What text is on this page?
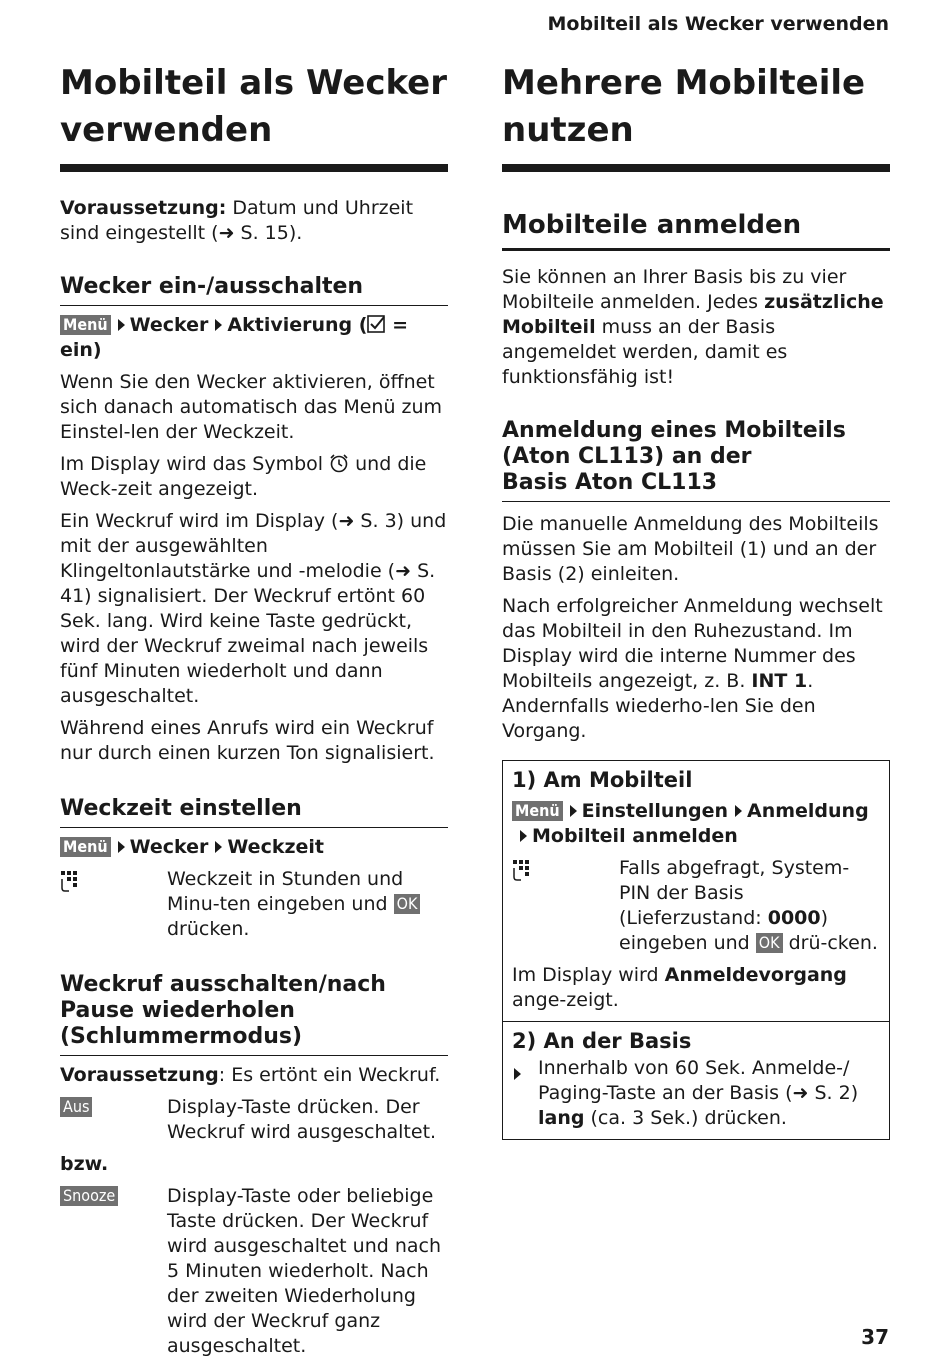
Mobilteil als Wecker verwenden
Mobilteil als Wecker
verwenden

Voraussetzung: Datum und Uhrzeit sind eingestellt (➜ S. 15).

Wecker ein-/ausschalten

Menü Wecker Aktivierung ( = ein)

Wenn Sie den Wecker aktivieren, öffnet sich danach automatisch das Menü zum Einstel-len der Weckzeit.

Im Display wird das Symbol  und die Weck-zeit angezeigt.

Ein Weckruf wird im Display (➜ S. 3) und mit der ausgewählten Klingeltonlautstärke und -melodie (➜ S. 41) signalisiert. Der Weckruf ertönt 60 Sek. lang. Wird keine Taste gedrückt, wird der Weckruf zweimal nach jeweils fünf Minuten wiederholt und dann ausgeschaltet.

Während eines Anrufs wird ein Weckruf nur durch einen kurzen Ton signalisiert.

Weckzeit einstellen

Menü Wecker Weckzeit

Weckzeit in Stunden und Minu-ten eingeben und OK drücken.
Weckruf ausschalten/nach Pause wiederholen (Schlummermodus)

Voraussetzung: Es ertönt ein Weckruf.

Aus	Display-Taste drücken. Der Weckruf wird ausgeschaltet.

bzw.

Snooze	Display-Taste oder beliebige Taste drücken. Der Weckruf wird ausgeschaltet und nach 5 Minuten wiederholt. Nach der zweiten Wiederholung wird der Weckruf ganz ausgeschaltet.
Mehrere Mobilteile
nutzen
Mobilteile anmelden

Sie können an Ihrer Basis bis zu vier Mobilteile anmelden. Jedes zusätzliche Mobilteil muss an der Basis angemeldet werden, damit es funktionsfähig ist!

Anmeldung eines Mobilteils
(Aton CL113) an der
Basis Aton CL113

Die manuelle Anmeldung des Mobilteils müssen Sie am Mobilteil (1) und an der Basis (2) einleiten.

Nach erfolgreicher Anmeldung wechselt das Mobilteil in den Ruhezustand. Im Display wird die interne Nummer des Mobilteils angezeigt, z. B. INT 1. Andernfalls wiederho-len Sie den Vorgang.

1) Am Mobilteil

Menü Einstellungen Anmeldung
Mobilteil anmelden

Falls abgefragt, System-PIN der Basis (Lieferzustand: 0000) eingeben und OK drü-cken.

Im Display wird Anmeldevorgang ange-zeigt.

2) An der Basis
Innerhalb von 60 Sek. Anmelde-/ Paging-Taste an der Basis (➜ S. 2) lang (ca. 3 Sek.) drücken.
37
